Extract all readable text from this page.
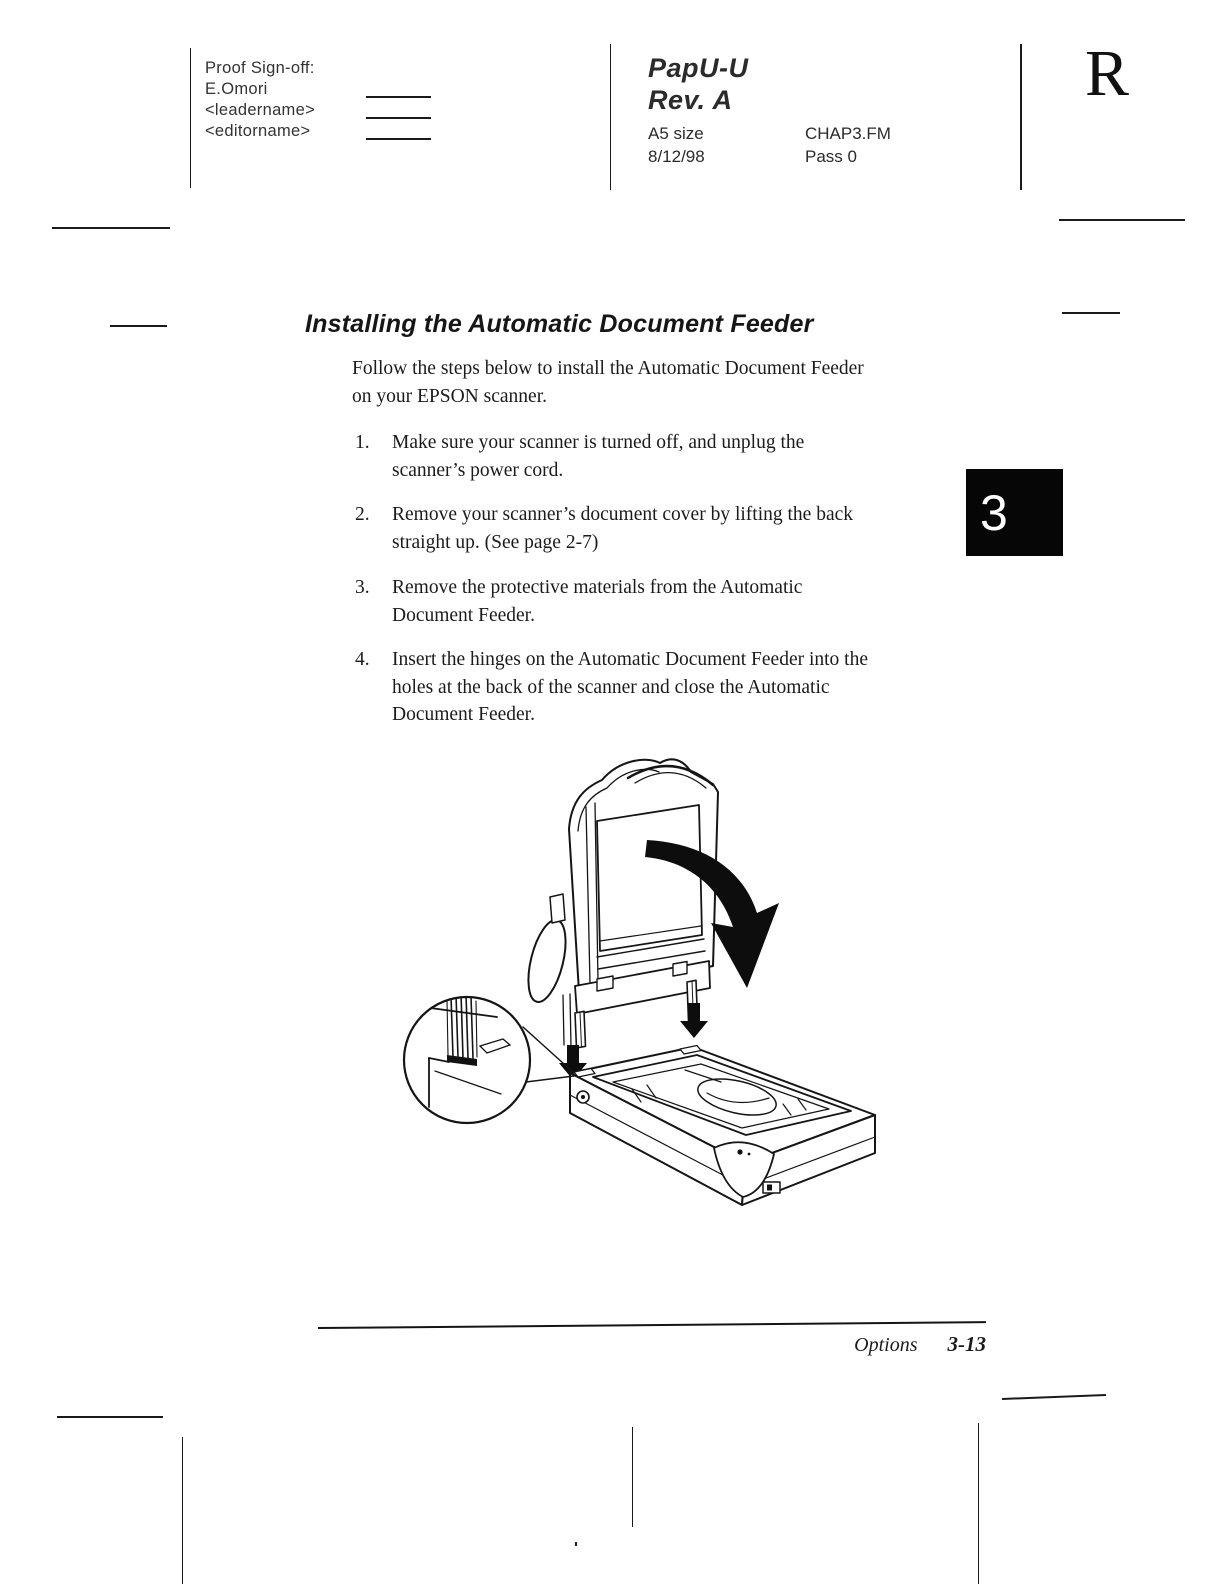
Proof Sign-off:
E.Omori
<leadername>
<editorname>
PapU-U
Rev. A
A5 size
8/12/98
CHAP3.FM
Pass 0
R
Installing the Automatic Document Feeder
Follow the steps below to install the Automatic Document Feeder
on your EPSON scanner.
1.	Make sure your scanner is turned off, and unplug the
scanner’s power cord.
2.	Remove your scanner’s document cover by lifting the back
straight up. (See page 2-7)
3.	Remove the protective materials from the Automatic
Document Feeder.
4.	Insert the hinges on the Automatic Document Feeder into the
holes at the back of the scanner and close the Automatic
Document Feeder.
3
Options 3-13
